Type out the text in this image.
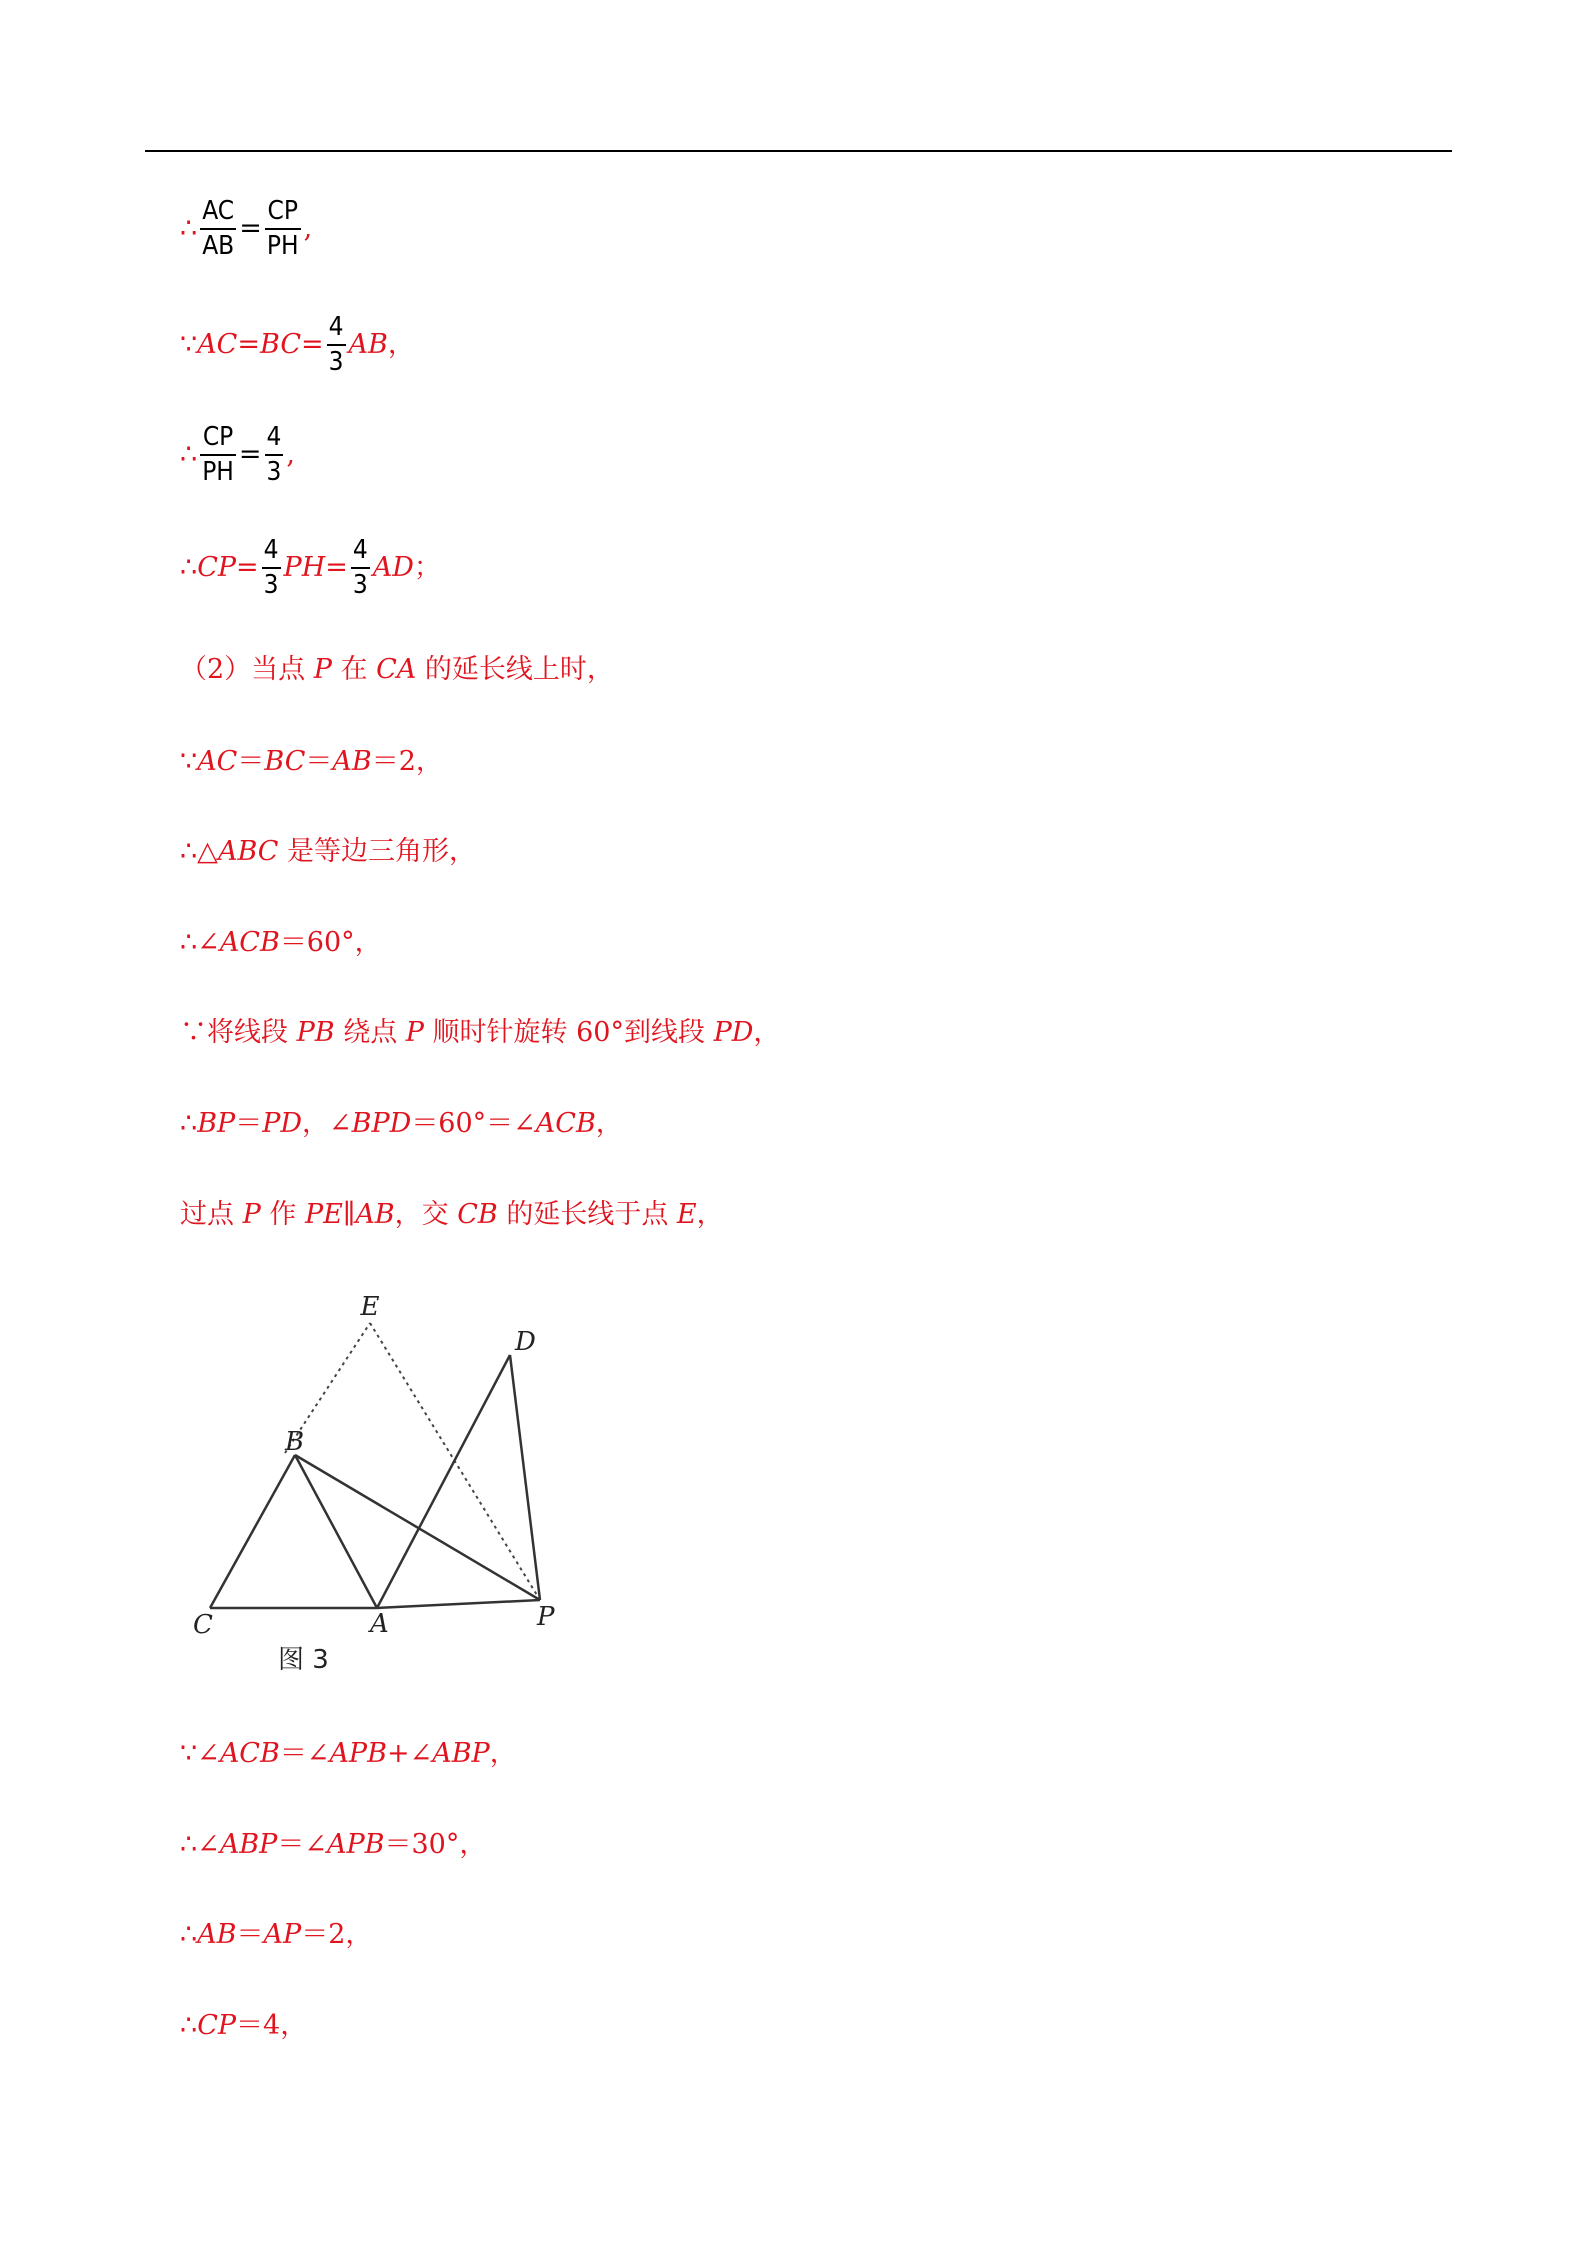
∴ $\frac{AC}{AB} = \frac{CP}{PH}$ ,
∵AC=BC= $\frac{4}{3}$ AB，
∴ $\frac{CP}{PH} = \frac{4}{3}$ ,
∴CP= $\frac{4}{3} PH= \frac{4}{3}$ AD；
（2）当点 P 在 CA 的延长线上时，
∵AC＝BC＝AB＝2，
∴△ABC 是等边三角形，
∴∠ACB＝60°，
∵将线段 PB 绕点 P 顺时针旋转 60°到线段 PD，
∴BP＝PD，∠BPD＝60°＝∠ACB，
过点 P 作 PE∥AB，交 CB 的延长线于点 E，
E
D
B
C	A	P
图 3
∵∠ACB＝∠APB+∠ABP，
∴∠ABP＝∠APB＝30°，
∴AB＝AP＝2，
∴CP＝4，
